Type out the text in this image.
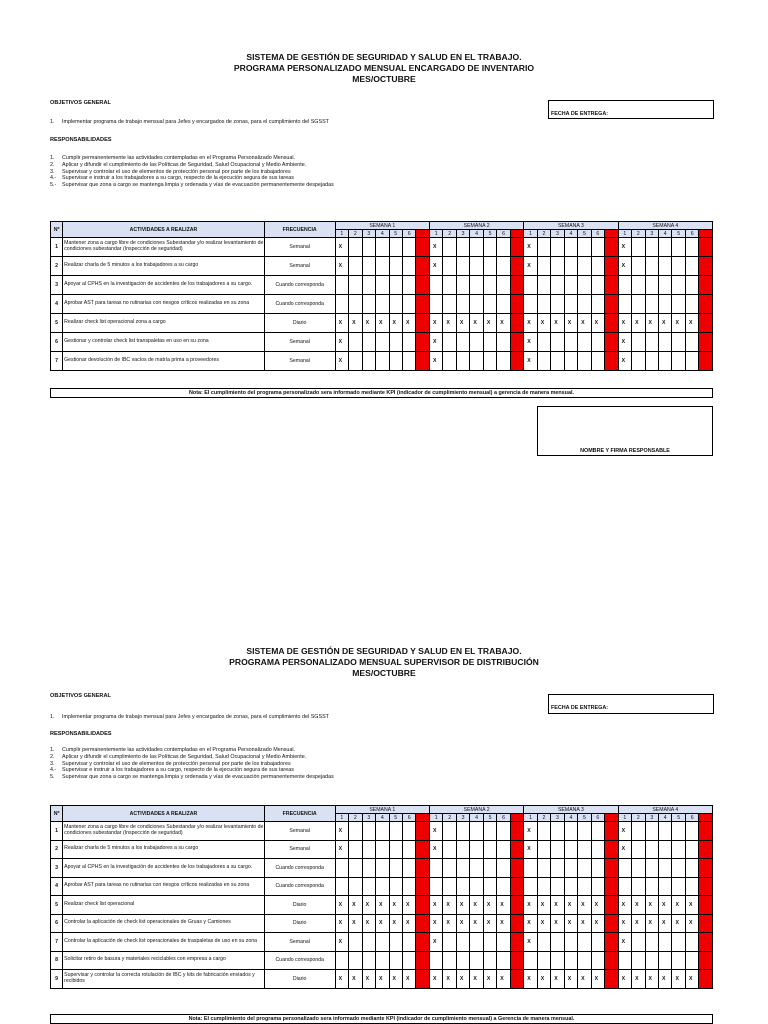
SISTEMA DE GESTIÓN DE SEGURIDAD Y SALUD EN EL TRABAJO.
PROGRAMA PERSONALIZADO MENSUAL ENCARGADO DE INVENTARIO
MES/OCTUBRE
OBJETIVOS GENERAL
FECHA DE ENTREGA:
1. Implementar programa de trabajo mensual para Jefes y encargados de zonas, para el cumplimiento del SGSST
RESPONSABILIDADES
1. Cumplir permanentemente las actividades contempladas en el Programa Personalizado Mensual.
2. Aplicar y difundir el cumplimiento de las Políticas de Seguridad, Salud Ocupacional y Medio Ambiente.
3. Supervisar y controlar el uso de elementos de protección personal por parte de los trabajadores
4.- Supervisar e instruir a los trabajadores a su cargo, respecto de la ejecución segura de sus tareas
5.- Supervisar que zona a cargo se mantenga limpia y ordenada y vías de evacuación permanentemente despejadas
Nº	ACTIVIDADES A REALIZAR	FRECUENCIA	SEMANA 1							SEMANA 2							SEMANA 3							SEMANA 4						
			1	2	3	4	5	6		1	2	3	4	5	6		1	2	3	4	5	6		1	2	3	4	5	6	
1	Mantener zona a cargo libre de condiciones Subestandar y/o realizar levantamiento de condiciones subestandar (Inspección de seguridad)	Semanal	X							X							X							X						
2	Realizar charla de 5 minutos a los trabajadores a su cargo	Semanal	X							X							X							X						
3	Apoyar al CPHS en la investigación de accidentes de los trabajadores a su cargo.	Cuando corresponda																												
4	Aprobar AST para tareas no rutinarias con riesgos críticos realizadas en su zona	Cuando corresponda																												
5	Realizar check list operacional zona a cargo	Diario	X	X	X	X	X	X		X	X	X	X	X	X		X	X	X	X	X	X		X	X	X	X	X	X	
6	Gestionar y controlar check list transpaletas en uso en su zona	Semanal	X							X							X							X						
7	Gestionar devolución de IBC vacíos de matría prima a proveedores	Semanal	X							X							X							X						
Nota: El cumplimiento del programa personalizado sera informado mediante KPI (indicador de cumplimiento mensual) a gerencia de manera mensual.
NOMBRE Y FIRMA RESPONSABLE
SISTEMA DE GESTIÓN DE SEGURIDAD Y SALUD EN EL TRABAJO.
PROGRAMA PERSONALIZADO MENSUAL SUPERVISOR DE DISTRIBUCIÓN
MES/OCTUBRE
OBJETIVOS GENERAL
FECHA DE ENTREGA:
1. Implementar programa de trabajo mensual para Jefes y encargados de zonas, para el cumplimiento del SGSST
RESPONSABILIDADES
1. Cumplir permanentemente las actividades contempladas en el Programa Personalizado Mensual.
2. Aplicar y difundir el cumplimiento de las Políticas de Seguridad, Salud Ocupacional y Medio Ambiente.
3. Supervisar y controlar el uso de elementos de protección personal por parte de los trabajadores
4.- Supervisar e instruir a los trabajadores a su cargo, respecto de la ejecución segura de sus tareas
5. Supervisar que zona a cargo se mantenga limpia y ordenada y vías de evacuación permanentemente despejadas
Nº	ACTIVIDADES A REALIZAR	FRECUENCIA	SEMANA 1							SEMANA 2							SEMANA 3							SEMANA 4						
			1	2	3	4	5	6		1	2	3	4	5	6		1	2	3	4	5	6		1	2	3	4	5	6	
1	Mantener zona a cargo libre de condiciones Subestandar y/o realizar levantamiento de condiciones subestandar (Inspección de seguridad)	Semanal	X							X							X							X						
2	Realizar charla de 5 minutos a los trabajadores a su cargo	Semanal	X							X							X							X						
3	Apoyar al CPHS en la investigación de accidentes de los trabajadores a su cargo.	Cuando corresponda																												
4	Aprobar AST para tareas no rutinarias con riesgos críticos realizadas en su zona	Cuando corresponda																												
5	Realizar check list operacional	Diario	X	X	X	X	X	X		X	X	X	X	X	X		X	X	X	X	X	X		X	X	X	X	X	X	
6	Controlar la aplicación de check list operacionales de Gruas y Camiones	Diario	X	X	X	X	X	X		X	X	X	X	X	X		X	X	X	X	X	X		X	X	X	X	X	X	
7	Controlar la aplicación de check list operacionales de traspaletas de uso en su zona	Semanal	X							X							X							X						
8	Solicitar retiro de basura y materiales reciclables con empresa a cargo	Cuando corresponda																												
9	Supervisar y controlar la correcta rotulación de IBC y kits de fabricación enviados y recibidos	Diario	X	X	X	X	X	X		X	X	X	X	X	X		X	X	X	X	X	X		X	X	X	X	X	X	
Nota: El cumplimiento del programa personalizado sera informado mediante KPI (indicador de cumplimiento mensual) a Gerencia de manera mensual.
